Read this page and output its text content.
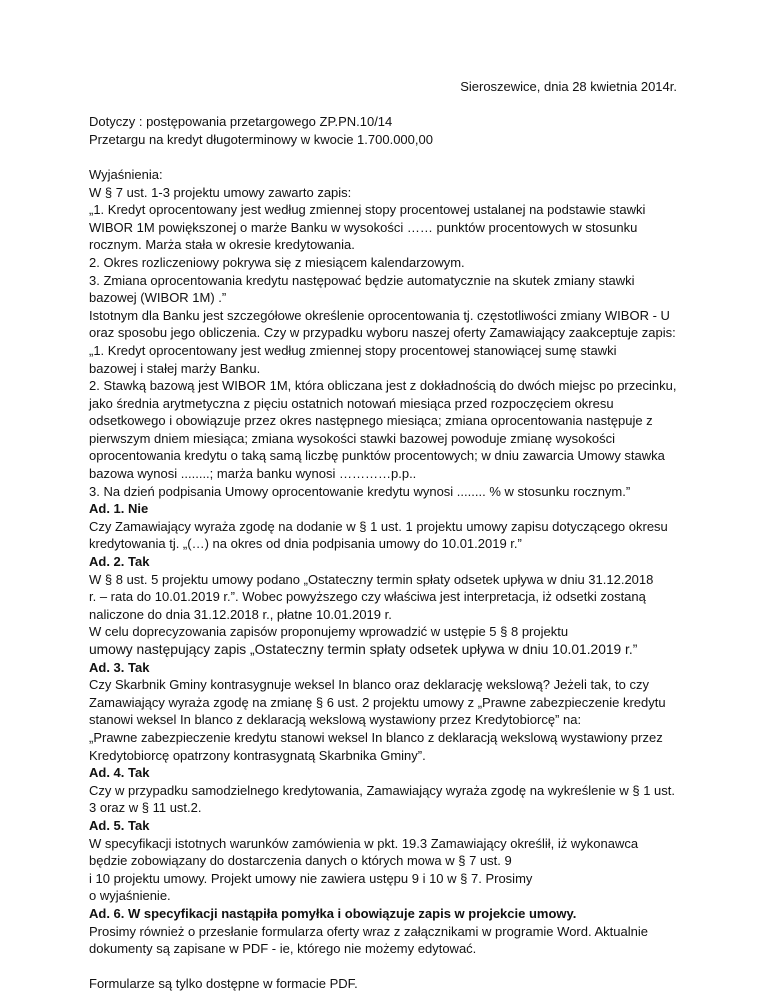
Sieroszewice, dnia 28 kwietnia 2014r.
Dotyczy : postępowania przetargowego ZP.PN.10/14
Przetargu na kredyt długoterminowy w kwocie 1.700.000,00
Wyjaśnienia:
W § 7 ust. 1-3 projektu umowy zawarto zapis:
„1. Kredyt oprocentowany jest według zmiennej stopy procentowej ustalanej na podstawie stawki
WIBOR 1M powiększonej o marże Banku w wysokości …… punktów procentowych w stosunku
rocznym. Marża stała w okresie kredytowania.
2. Okres rozliczeniowy pokrywa się z miesiącem kalendarzowym.
3. Zmiana oprocentowania kredytu następować będzie automatycznie na skutek zmiany stawki
bazowej (WIBOR 1M) .”
Istotnym dla Banku jest szczegółowe określenie oprocentowania tj. częstotliwości zmiany WIBOR - U
oraz sposobu jego obliczenia. Czy w przypadku wyboru naszej oferty Zamawiający zaakceptuje zapis:
„1. Kredyt oprocentowany jest według zmiennej stopy procentowej stanowiącej sumę stawki
bazowej i stałej marży Banku.
2. Stawką bazową jest WIBOR 1M, która obliczana jest z dokładnością do dwóch miejsc po przecinku,
jako średnia arytmetyczna z pięciu ostatnich notowań miesiąca przed rozpoczęciem okresu
odsetkowego i obowiązuje przez okres następnego miesiąca; zmiana oprocentowania następuje z
pierwszym dniem miesiąca; zmiana wysokości stawki bazowej powoduje zmianę wysokości
oprocentowania kredytu o taką samą liczbę punktów procentowych; w dniu zawarcia Umowy stawka
bazowa wynosi ........; marża banku wynosi …………p.p..
3. Na dzień podpisania Umowy oprocentowanie kredytu wynosi ........ % w stosunku rocznym.”
Ad. 1. Nie
Czy Zamawiający wyraża zgodę na dodanie w § 1 ust. 1 projektu umowy zapisu dotyczącego okresu
kredytowania tj. „(…) na okres od dnia podpisania umowy do 10.01.2019 r.”
Ad. 2. Tak
W § 8 ust. 5 projektu umowy podano „Ostateczny termin spłaty odsetek upływa w dniu 31.12.2018
r. – rata do 10.01.2019 r.”. Wobec powyższego czy właściwa jest interpretacja, iż odsetki zostaną
naliczone do dnia 31.12.2018 r., płatne 10.01.2019 r.
W celu doprecyzowania zapisów proponujemy wprowadzić w ustępie 5 § 8 projektu
umowy następujący zapis „Ostateczny termin spłaty odsetek upływa w dniu 10.01.2019 r.”
Ad. 3. Tak
Czy Skarbnik Gminy kontrasygnuje weksel In blanco oraz deklarację wekslową? Jeżeli tak, to czy
Zamawiający wyraża zgodę na zmianę § 6 ust. 2 projektu umowy z „Prawne zabezpieczenie kredytu
stanowi weksel In blanco z deklaracją wekslową wystawiony przez Kredytobiorcę” na:
„Prawne zabezpieczenie kredytu stanowi weksel In blanco z deklaracją wekslową wystawiony przez
Kredytobiorcę opatrzony kontrasygnatą Skarbnika Gminy”.
Ad. 4. Tak
Czy w przypadku samodzielnego kredytowania, Zamawiający wyraża zgodę na wykreślenie w § 1 ust.
3 oraz w § 11 ust.2.
Ad. 5. Tak
W specyfikacji istotnych warunków zamówienia w pkt. 19.3 Zamawiający określił, iż wykonawca
będzie zobowiązany do dostarczenia danych o których mowa w § 7 ust. 9
i 10 projektu umowy. Projekt umowy nie zawiera ustępu 9 i 10 w § 7. Prosimy
o wyjaśnienie.
Ad. 6. W specyfikacji nastąpiła pomyłka i obowiązuje zapis w projekcie umowy.
Prosimy również o przesłanie formularza oferty wraz z załącznikami w programie Word. Aktualnie
dokumenty są zapisane w PDF - ie, którego nie możemy edytować.
Formularze są tylko dostępne w formacie PDF.
